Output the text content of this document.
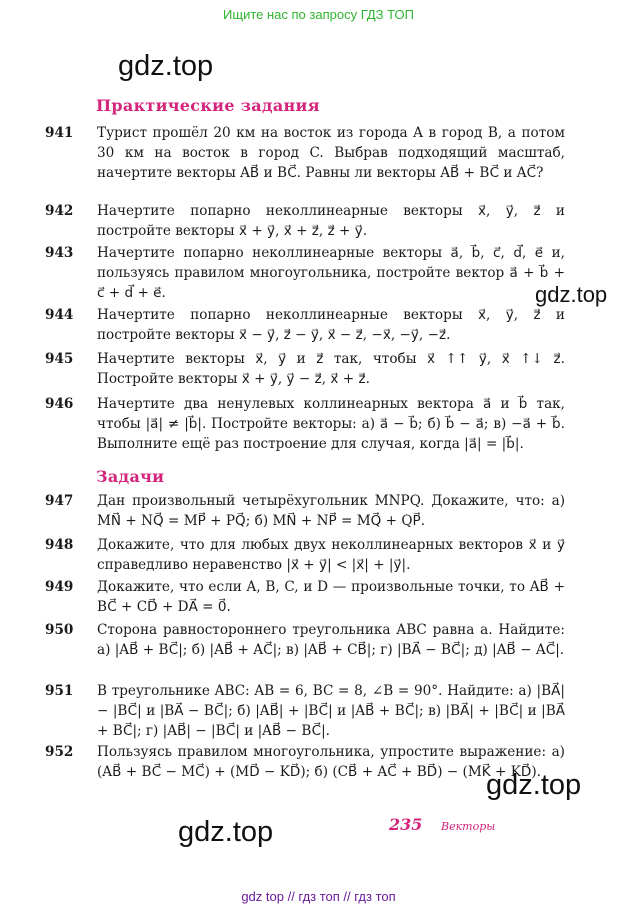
Ищите нас по запросу ГДЗ ТОП
gdz.top
gdz.top
gdz.top
gdz.top
Практические задания
941 Турист прошёл 20 км на восток из города A в город B, а потом 30 км на восток в город C. Выбрав подходящий масштаб, начертите векторы AB⃗ и BC⃗. Равны ли векторы AB⃗ + BC⃗ и AC⃗?
942 Начертите попарно неколлинеарные векторы x⃗, y⃗, z⃗ и постройте векторы x⃗ + y⃗, x⃗ + z⃗, z⃗ + y⃗.
943 Начертите попарно неколлинеарные векторы a⃗, b⃗, c⃗, d⃗, e⃗ и, пользуясь правилом многоугольника, постройте вектор a⃗ + b⃗ + c⃗ + d⃗ + e⃗.
944 Начертите попарно неколлинеарные векторы x⃗, y⃗, z⃗ и постройте векторы x⃗ − y⃗, z⃗ − y⃗, x⃗ − z⃗, −x⃗, −y⃗, −z⃗.
945 Начертите векторы x⃗, y⃗ и z⃗ так, чтобы x⃗ ↑↑ y⃗, x⃗ ↑↓ z⃗. Постройте векторы x⃗ + y⃗, y⃗ − z⃗, x⃗ + z⃗.
946 Начертите два ненулевых коллинеарных вектора a⃗ и b⃗ так, чтобы |a⃗| ≠ |b⃗|. Постройте векторы: а) a⃗ − b⃗; б) b⃗ − a⃗; в) −a⃗ + b⃗. Выполните ещё раз построение для случая, когда |a⃗| = |b⃗|.
Задачи
947 Дан произвольный четырёхугольник MNPQ. Докажите, что: а) MN⃗ + NQ⃗ = MP⃗ + PQ⃗; б) MN⃗ + NP⃗ = MQ⃗ + QP⃗.
948 Докажите, что для любых двух неколлинеарных векторов x⃗ и y⃗ справедливо неравенство |x⃗ + y⃗| < |x⃗| + |y⃗|.
949 Докажите, что если A, B, C, и D — произвольные точки, то AB⃗ + BC⃗ + CD⃗ + DA⃗ = 0⃗.
950 Сторона равностороннего треугольника ABC равна a. Найдите: а) |AB⃗ + BC⃗|; б) |AB⃗ + AC⃗|; в) |AB⃗ + CB⃗|; г) |BA⃗ − BC⃗|; д) |AB⃗ − AC⃗|.
951 В треугольнике ABC: AB = 6, BC = 8, ∠B = 90°. Найдите: а) |BA⃗| − |BC⃗| и |BA⃗ − BC⃗|; б) |AB⃗| + |BC⃗| и |AB⃗ + BC⃗|; в) |BA⃗| + |BC⃗| и |BA⃗ + BC⃗|; г) |AB⃗| − |BC⃗| и |AB⃗ − BC⃗|.
952 Пользуясь правилом многоугольника, упростите выражение: а) (AB⃗ + BC⃗ − MC⃗) + (MD⃗ − KD⃗); б) (CB⃗ + AC⃗ + BD⃗) − (MK⃗ + KD⃗).
235 Векторы
gdz top // гдз топ // гдз топ
